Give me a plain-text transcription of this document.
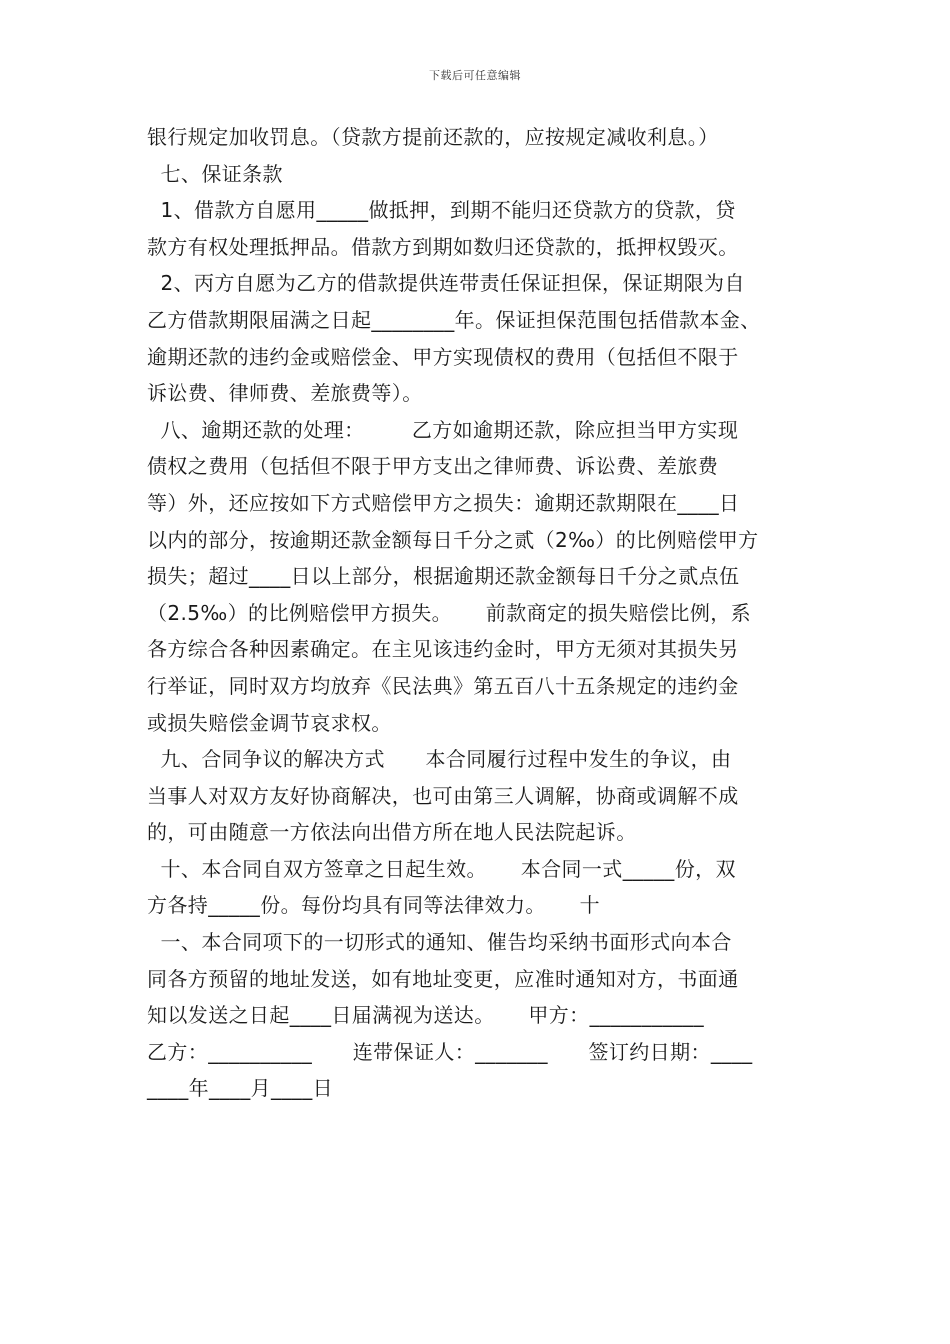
下载后可任意编辑
银行规定加收罚息。（贷款方提前还款的，应按规定减收利息。）
七、保证条款
1、借款方自愿用_____做抵押，到期不能归还贷款方的贷款，贷
款方有权处理抵押品。借款方到期如数归还贷款的，抵押权毁灭。
2、丙方自愿为乙方的借款提供连带责任保证担保，保证期限为自
乙方借款期限届满之日起________年。保证担保范围包括借款本金、
逾期还款的违约金或赔偿金、甲方实现债权的费用（包括但不限于
诉讼费、律师费、差旅费等）。
八、逾期还款的处理：       乙方如逾期还款，除应担当甲方实现
债权之费用（包括但不限于甲方支出之律师费、诉讼费、差旅费
等）外，还应按如下方式赔偿甲方之损失：逾期还款期限在____日
以内的部分，按逾期还款金额每日千分之贰（2‰）的比例赔偿甲方
损失；超过____日以上部分，根据逾期还款金额每日千分之贰点伍
（2.5‰）的比例赔偿甲方损失。     前款商定的损失赔偿比例，系
各方综合各种因素确定。在主见该违约金时，甲方无须对其损失另
行举证，同时双方均放弃《民法典》第五百八十五条规定的违约金
或损失赔偿金调节哀求权。
九、合同争议的解决方式      本合同履行过程中发生的争议，由
当事人对双方友好协商解决，也可由第三人调解，协商或调解不成
的，可由随意一方依法向出借方所在地人民法院起诉。
十、本合同自双方签章之日起生效。     本合同一式_____份，双
方各持_____份。每份均具有同等法律效力。     十
一、本合同项下的一切形式的通知、催告均采纳书面形式向本合
同各方预留的地址发送，如有地址变更，应准时通知对方，书面通
知以发送之日起____日届满视为送达。     甲方：___________
乙方：__________      连带保证人：_______      签订约日期：____
____年____月____日
